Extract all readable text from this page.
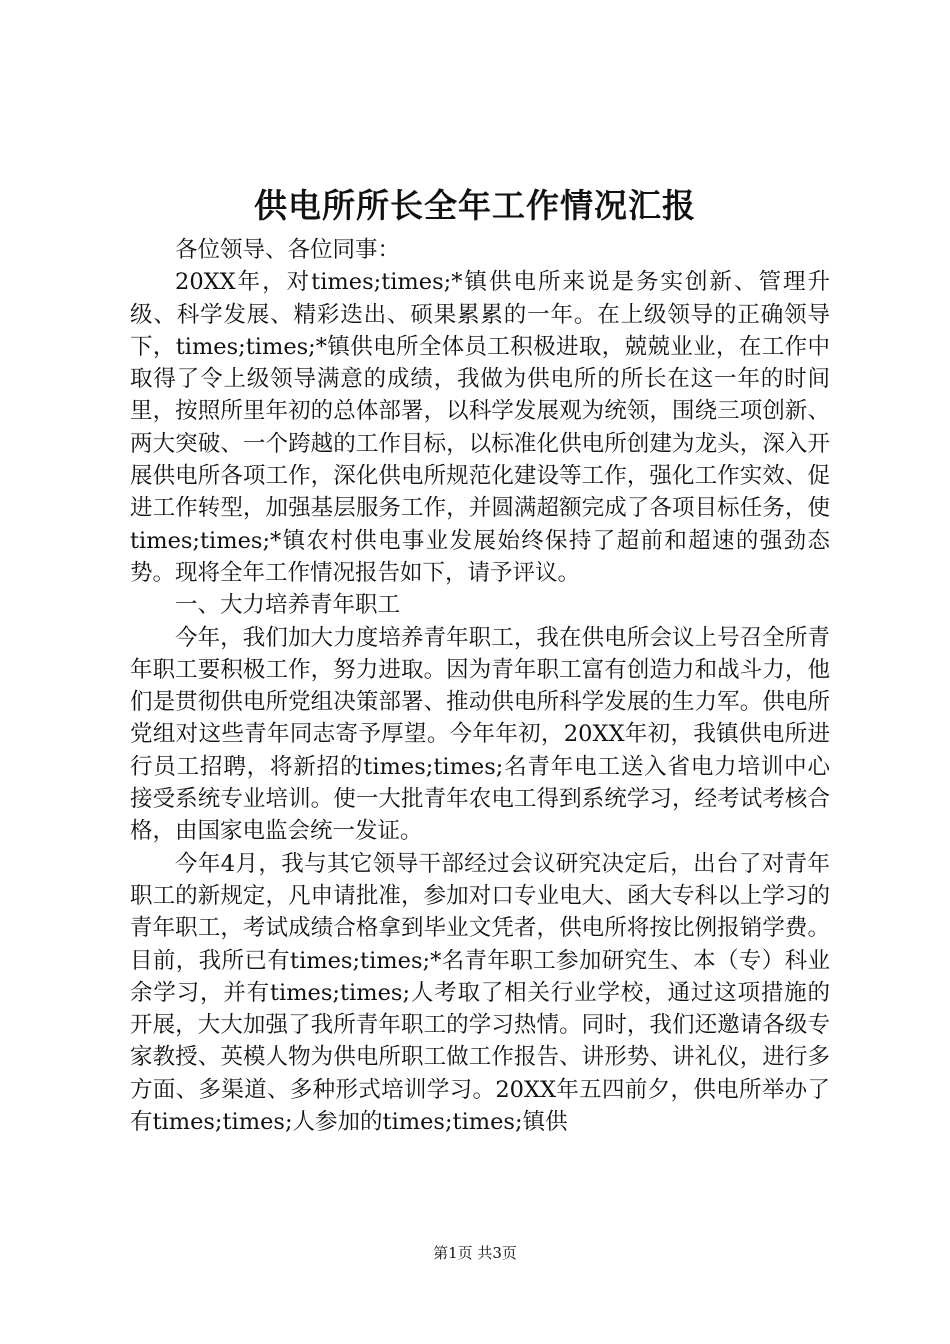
供电所所长全年工作情况汇报

各位领导、各位同事：

20XX年，对times;times;*镇供电所来说是务实创新、管理升级、科学发展、精彩迭出、硕果累累的一年。在上级领导的正确领导下，times;times;*镇供电所全体员工积极进取，兢兢业业，在工作中取得了令上级领导满意的成绩，我做为供电所的所长在这一年的时间里，按照所里年初的总体部署，以科学发展观为统领，围绕三项创新、两大突破、一个跨越的工作目标，以标准化供电所创建为龙头，深入开展供电所各项工作，深化供电所规范化建设等工作，强化工作实效、促进工作转型，加强基层服务工作，并圆满超额完成了各项目标任务，使times;times;*镇农村供电事业发展始终保持了超前和超速的强劲态势。现将全年工作情况报告如下，请予评议。

一、大力培养青年职工

今年，我们加大力度培养青年职工，我在供电所会议上号召全所青年职工要积极工作，努力进取。因为青年职工富有创造力和战斗力，他们是贯彻供电所党组决策部署、推动供电所科学发展的生力军。供电所党组对这些青年同志寄予厚望。今年年初，20XX年初，我镇供电所进行员工招聘，将新招的times;times;名青年电工送入省电力培训中心接受系统专业培训。使一大批青年农电工得到系统学习，经考试考核合格，由国家电监会统一发证。

今年4月，我与其它领导干部经过会议研究决定后，出台了对青年职工的新规定，凡申请批准，参加对口专业电大、函大专科以上学习的青年职工，考试成绩合格拿到毕业文凭者，供电所将按比例报销学费。目前，我所已有times;times;*名青年职工参加研究生、本（专）科业余学习，并有times;times;人考取了相关行业学校，通过这项措施的开展，大大加强了我所青年职工的学习热情。同时，我们还邀请各级专家教授、英模人物为供电所职工做工作报告、讲形势、讲礼仪，进行多方面、多渠道、多种形式培训学习。20XX年五四前夕，供电所举办了有times;times;人参加的times;times;镇供

第1页 共3页
